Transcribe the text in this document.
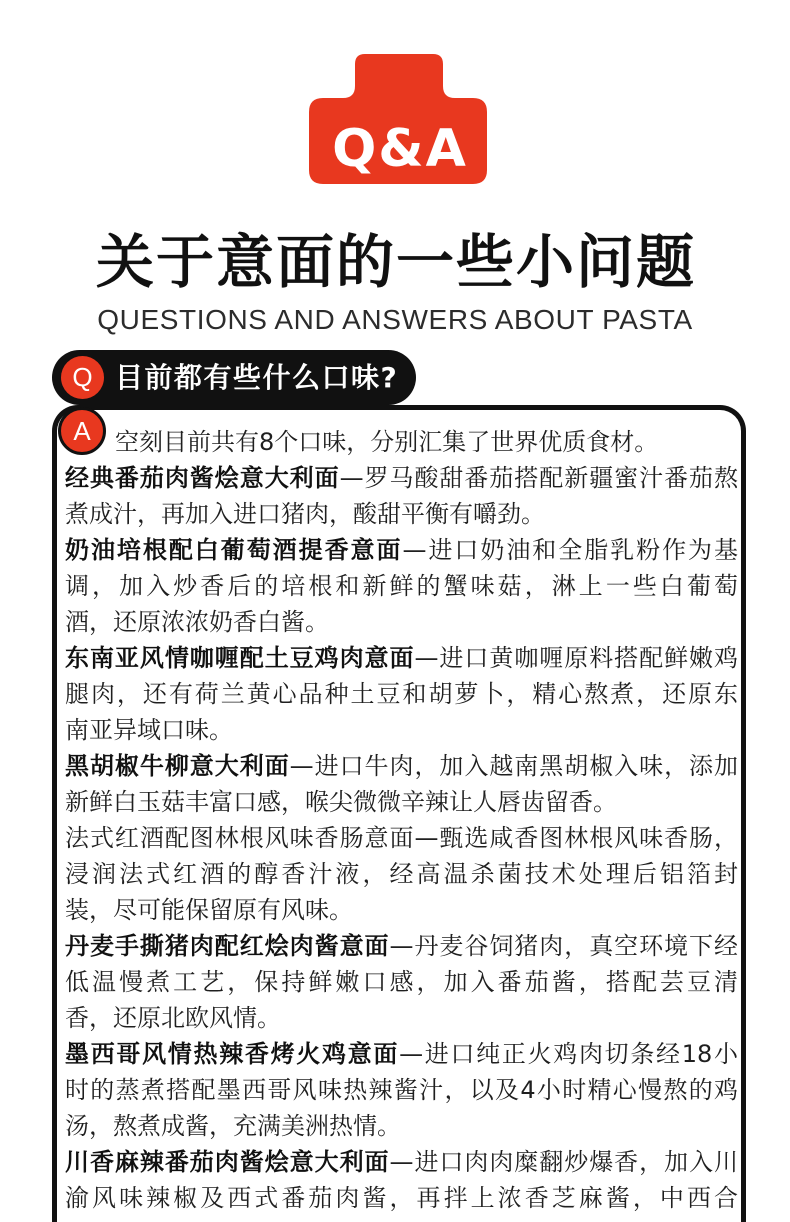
Q&A
关于意面的一些小问题
QUESTIONS AND ANSWERS ABOUT PASTA
Q 目前都有些什么口味?
A	空刻目前共有8个口味，分别汇集了世界优质食材。
经典番茄肉酱烩意大利面—罗马酸甜番茄搭配新疆蜜汁番茄熬
煮成汁，再加入进口猪肉，酸甜平衡有嚼劲。
奶油培根配白葡萄酒提香意面—进口奶油和全脂乳粉作为基
调，加入炒香后的培根和新鲜的蟹味菇，淋上一些白葡萄
酒，还原浓浓奶香白酱。
东南亚风情咖喱配土豆鸡肉意面—进口黄咖喱原料搭配鲜嫩鸡
腿肉，还有荷兰黄心品种土豆和胡萝卜，精心熬煮，还原东
南亚异域口味。
黑胡椒牛柳意大利面—进口牛肉，加入越南黑胡椒入味，添加
新鲜白玉菇丰富口感，喉尖微微辛辣让人唇齿留香。
法式红酒配图林根风味香肠意面—甄选咸香图林根风味香肠，
浸润法式红酒的醇香汁液，经高温杀菌技术处理后铝箔封
装，尽可能保留原有风味。
丹麦手撕猪肉配红烩肉酱意面—丹麦谷饲猪肉，真空环境下经
低温慢煮工艺，保持鲜嫩口感，加入番茄酱，搭配芸豆清
香，还原北欧风情。
墨西哥风情热辣香烤火鸡意面—进口纯正火鸡肉切条经18小
时的蒸煮搭配墨西哥风味热辣酱汁，以及4小时精心慢熬的鸡
汤，熬煮成酱，充满美洲热情。
川香麻辣番茄肉酱烩意大利面—进口肉肉糜翻炒爆香，加入川
渝风味辣椒及西式番茄肉酱，再拌上浓香芝麻酱，中西合
